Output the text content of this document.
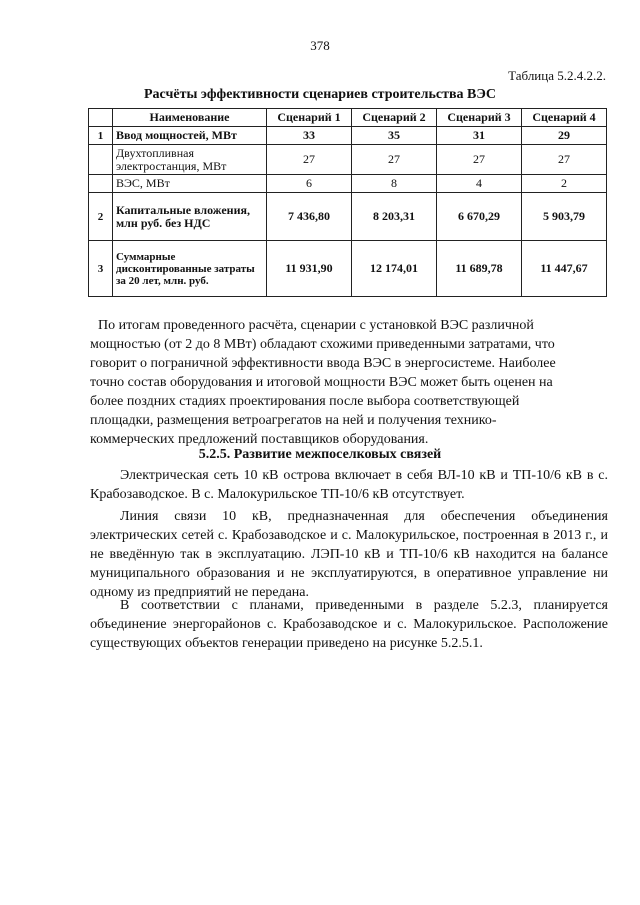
378
Таблица 5.2.4.2.2.
Расчёты эффективности сценариев строительства ВЭС
	Наименование	Сценарий 1	Сценарий 2	Сценарий 3	Сценарий 4
1	Ввод мощностей, МВт	33	35	31	29
	Двухтопливная электростанция, МВт	27	27	27	27
	ВЭС, МВт	6	8	4	2
2	Капитальные вложения, млн руб. без НДС	7 436,80	8 203,31	6 670,29	5 903,79
3	Суммарные дисконтированные затраты за 20 лет, млн. руб.	11 931,90	12 174,01	11 689,78	11 447,67
По итогам проведенного расчёта, сценарии с установкой ВЭС различной
мощностью (от 2 до 8 МВт) обладают схожими приведенными затратами, что
говорит о пограничной эффективности ввода ВЭС в энергосистеме. Наиболее
точно состав оборудования и итоговой мощности ВЭС может быть оценен на
более поздних стадиях проектирования после выбора соответствующей
площадки, размещения ветроагрегатов на ней и получения технико-
коммерческих предложений поставщиков оборудования.
5.2.5. Развитие межпоселковых связей
Электрическая сеть 10 кВ острова включает в себя ВЛ-10 кВ и ТП-10/6 кВ в с. Крабозаводское. В с. Малокурильское ТП-10/6 кВ отсутствует.
Линия связи 10 кВ, предназначенная для обеспечения объединения электрических сетей с. Крабозаводское и с. Малокурильское, построенная в 2013 г., и не введённую так в эксплуатацию. ЛЭП-10 кВ и ТП-10/6 кВ находится на балансе муниципального образования и не эксплуатируются, в оперативное управление ни одному из предприятий не передана.
В соответствии с планами, приведенными в разделе 5.2.3, планируется объединение энергорайонов с. Крабозаводское и с. Малокурильское. Расположение существующих объектов генерации приведено на рисунке 5.2.5.1.
